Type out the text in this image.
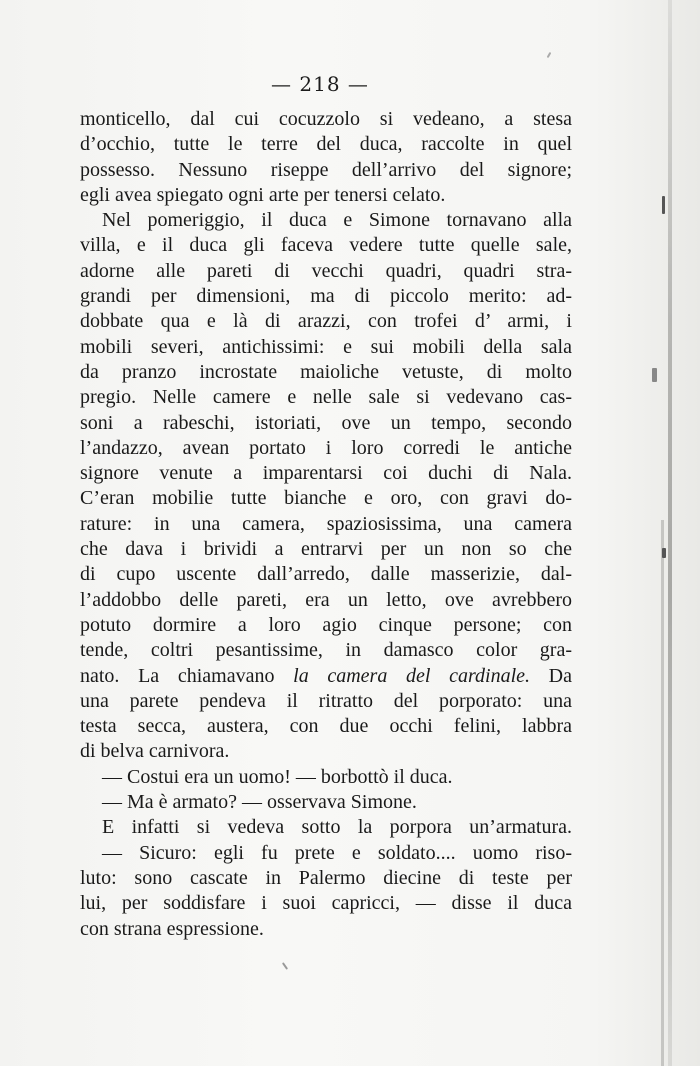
— 218 —
monticello, dal cui cocuzzolo si vedeano, a stesa
d’occhio, tutte le terre del duca, raccolte in quel
possesso. Nessuno riseppe dell’arrivo del signore;
egli avea spiegato ogni arte per tenersi celato.
Nel pomeriggio, il duca e Simone tornavano alla
villa, e il duca gli faceva vedere tutte quelle sale,
adorne alle pareti di vecchi quadri, quadri stra-
grandi per dimensioni, ma di piccolo merito: ad-
dobbate qua e là di arazzi, con trofei d’ armi, i
mobili severi, antichissimi: e sui mobili della sala
da pranzo incrostate maioliche vetuste, di molto
pregio. Nelle camere e nelle sale si vedevano cas-
soni a rabeschi, istoriati, ove un tempo, secondo
l’andazzo, avean portato i loro corredi le antiche
signore venute a imparentarsi coi duchi di Nala.
C’eran mobilie tutte bianche e oro, con gravi do-
rature: in una camera, spaziosissima, una camera
che dava i brividi a entrarvi per un non so che
di cupo uscente dall’arredo, dalle masserizie, dal-
l’addobbo delle pareti, era un letto, ove avrebbero
potuto dormire a loro agio cinque persone; con
tende, coltri pesantissime, in damasco color gra-
nato. La chiamavano la camera del cardinale. Da
una parete pendeva il ritratto del porporato: una
testa secca, austera, con due occhi felini, labbra
di belva carnivora.
— Costui era un uomo! — borbottò il duca.
— Ma è armato? — osservava Simone.
E infatti si vedeva sotto la porpora un’armatura.
— Sicuro: egli fu prete e soldato.... uomo riso-
luto: sono cascate in Palermo diecine di teste per
lui, per soddisfare i suoi capricci, — disse il duca
con strana espressione.
